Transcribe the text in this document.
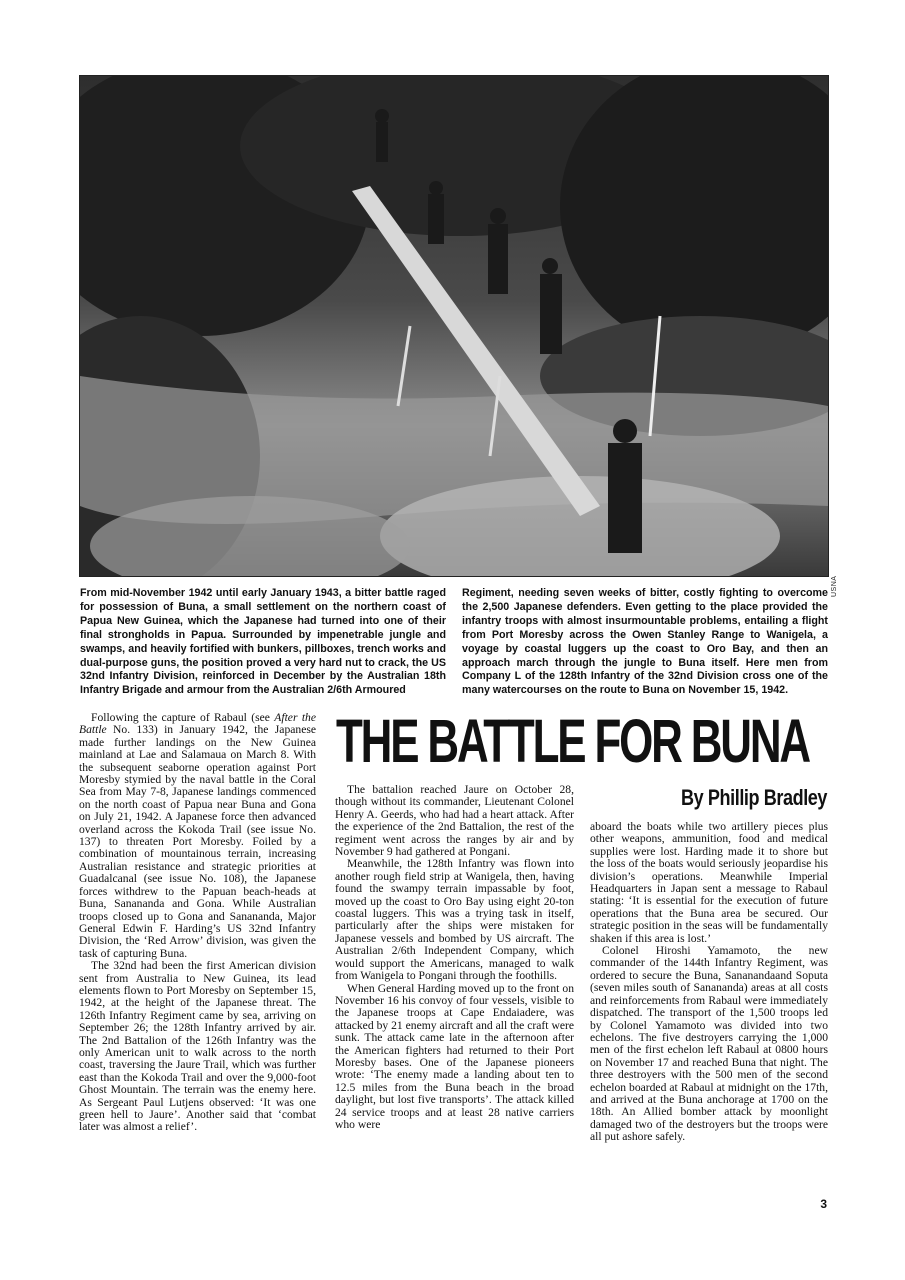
USNA

From mid-November 1942 until early January 1943, a bitter battle raged for possession of Buna, a small settlement on the northern coast of Papua New Guinea, which the Japanese had turned into one of their final strongholds in Papua. Surrounded by impenetrable jungle and swamps, and heavily fortified with bunkers, pillboxes, trench works and dual-purpose guns, the position proved a very hard nut to crack, the US 32nd Infantry Division, reinforced in December by the Australian 18th Infantry Brigade and armour from the Australian 2/6th Armoured

Regiment, needing seven weeks of bitter, costly fighting to overcome the 2,500 Japanese defenders. Even getting to the place provided the infantry troops with almost insurmountable problems, entailing a flight from Port Moresby across the Owen Stanley Range to Wanigela, a voyage by coastal luggers up the coast to Oro Bay, and then an approach march through the jungle to Buna itself. Here men from Company L of the 128th Infantry of the 32nd Division cross one of the many watercourses on the route to Buna on November 15, 1942.

THE BATTLE FOR BUNA
By Phillip Bradley

Following the capture of Rabaul (see After the Battle No. 133) in January 1942, the Japanese made further landings on the New Guinea mainland at Lae and Salamaua on March 8. With the subsequent seaborne operation against Port Moresby stymied by the naval battle in the Coral Sea from May 7-8, Japanese landings commenced on the north coast of Papua near Buna and Gona on July 21, 1942. A Japanese force then advanced overland across the Kokoda Trail (see issue No. 137) to threaten Port Moresby. Foiled by a combination of mountainous terrain, increasing Australian resistance and strategic priorities at Guadalcanal (see issue No. 108), the Japanese forces withdrew to the Papuan beach-heads at Buna, Sanananda and Gona. While Australian troops closed up to Gona and Sanananda, Major General Edwin F. Harding’s US 32nd Infantry Division, the ‘Red Arrow’ division, was given the task of capturing Buna.

The 32nd had been the first American division sent from Australia to New Guinea, its lead elements flown to Port Moresby on September 15, 1942, at the height of the Japanese threat. The 126th Infantry Regiment came by sea, arriving on September 26; the 128th Infantry arrived by air. The 2nd Battalion of the 126th Infantry was the only American unit to walk across to the north coast, traversing the Jaure Trail, which was further east than the Kokoda Trail and over the 9,000-foot Ghost Mountain. The terrain was the enemy here. As Sergeant Paul Lutjens observed: ‘It was one green hell to Jaure’. Another said that ‘combat later was almost a relief’.

The battalion reached Jaure on October 28, though without its commander, Lieutenant Colonel Henry A. Geerds, who had had a heart attack. After the experience of the 2nd Battalion, the rest of the regiment went across the ranges by air and by November 9 had gathered at Pongani.

Meanwhile, the 128th Infantry was flown into another rough field strip at Wanigela, then, having found the swampy terrain impassable by foot, moved up the coast to Oro Bay using eight 20-ton coastal luggers. This was a trying task in itself, particularly after the ships were mistaken for Japanese vessels and bombed by US aircraft. The Australian 2/6th Independent Company, which would support the Americans, managed to walk from Wanigela to Pongani through the foothills.

When General Harding moved up to the front on November 16 his convoy of four vessels, visible to the Japanese troops at Cape Endaiadere, was attacked by 21 enemy aircraft and all the craft were sunk. The attack came late in the afternoon after the American fighters had returned to their Port Moresby bases. One of the Japanese pioneers wrote: ‘The enemy made a landing about ten to 12.5 miles from the Buna beach in the broad daylight, but lost five transports’. The attack killed 24 service troops and at least 28 native carriers who were

aboard the boats while two artillery pieces plus other weapons, ammunition, food and medical supplies were lost. Harding made it to shore but the loss of the boats would seriously jeopardise his division’s operations. Meanwhile Imperial Headquarters in Japan sent a message to Rabaul stating: ‘It is essential for the execution of future operations that the Buna area be secured. Our strategic position in the seas will be fundamentally shaken if this area is lost.’

Colonel Hiroshi Yamamoto, the new commander of the 144th Infantry Regiment, was ordered to secure the Buna, Sananandaand Soputa (seven miles south of Sanananda) areas at all costs and reinforcements from Rabaul were immediately dispatched. The transport of the 1,500 troops led by Colonel Yamamoto was divided into two echelons. The five destroyers carrying the 1,000 men of the first echelon left Rabaul at 0800 hours on November 17 and reached Buna that night. The three destroyers with the 500 men of the second echelon boarded at Rabaul at midnight on the 17th, and arrived at the Buna anchorage at 1700 on the 18th. An Allied bomber attack by moonlight damaged two of the destroyers but the troops were all put ashore safely.

3
